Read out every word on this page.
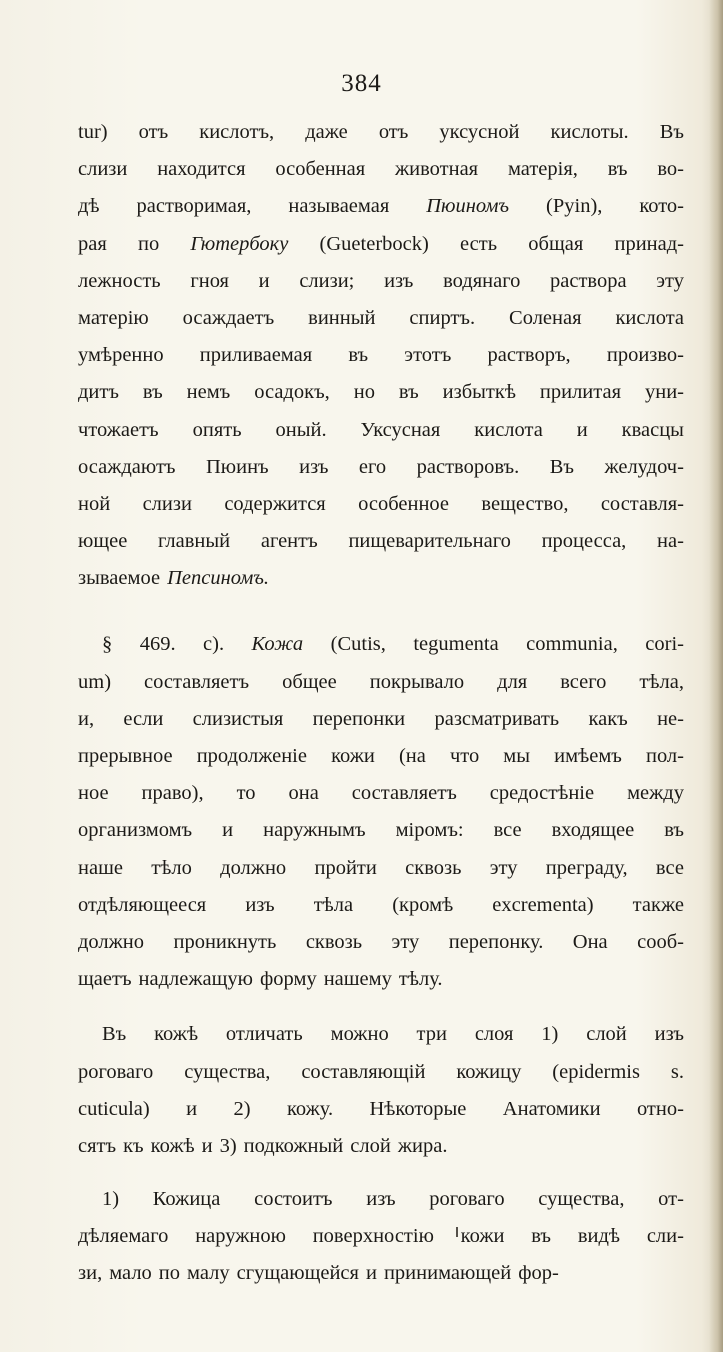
384
tur) отъ кислотъ, даже отъ уксусной кислоты. Въ
слизи находится особенная животная матерія, въ во-
дѣ растворимая, называемая Пюиномъ (Pyin), кото-
рая по Гютербоку (Guеterbock) есть общая принад-
лежность гноя и слизи; изъ водянаго раствора эту
матерію осаждаетъ винный спиртъ. Соленая кислота
умѣренно приливаемая въ этотъ растворъ, произво-
дитъ въ немъ осадокъ, но въ избыткѣ прилитая уни-
чтожаетъ опять оный. Уксусная кислота и квасцы
осаждаютъ Пюинъ изъ его растворовъ. Въ желудоч-
ной слизи содержится особенное вещество, составля-
ющее главный агентъ пищеварительнаго процесса, на-
зываемое Пепсиномъ.
§ 469. с). Кожа (Cutis, tegumenta communia, cori-
um) составляетъ общее покрывало для всего тѣла,
и, если слизистыя перепонки разсматривать какъ не-
прерывное продолженіе кожи (на что мы имѣемъ пол-
ное право), то она составляетъ средостѣніе между
организмомъ и наружнымъ міромъ: все входящее въ
наше тѣло должно пройти сквозь эту преграду, все
отдѣляющееся изъ тѣла (кромѣ excrementa) также
должно проникнуть сквозь эту перепонку. Она сооб-
щаетъ надлежащую форму нашему тѣлу.
Въ кожѣ отличать можно три слоя 1) слой изъ
роговаго существа, составляющій кожицу (epidermis s.
cuticula) и 2) кожу. Нѣкоторые Анатомики отно-
сятъ къ кожѣ и 3) подкожный слой жира.
1) Кожица состоитъ изъ роговаго существа, от-
дѣляемаго наружною поверхностію кожи въ видѣ сли-
зи, мало по малу сгущающейся и принимающей фор-
